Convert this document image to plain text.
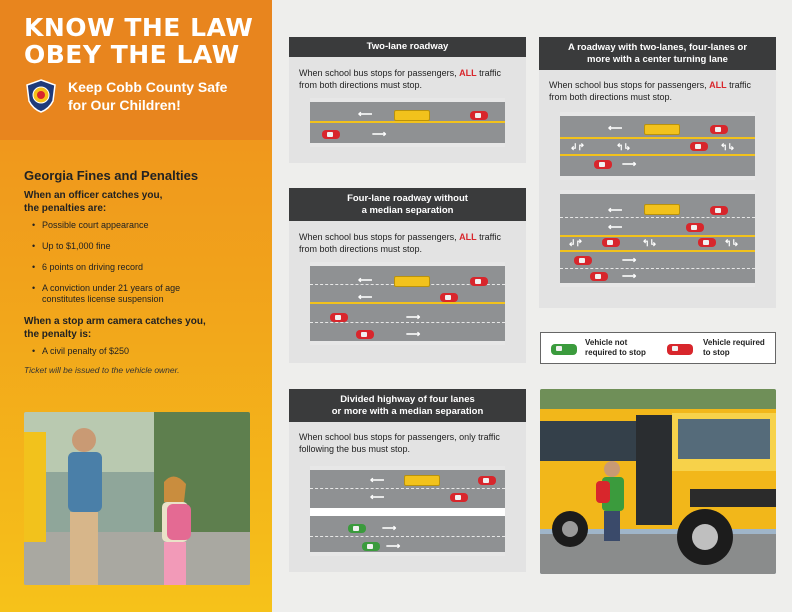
KNOW THE LAW
OBEY THE LAW
Keep Cobb County Safe
for Our Children!
Georgia Fines and Penalties
When an officer catches you,
the penalties are:
• Possible court appearance
• Up to $1,000 fine
• 6 points on driving record
• A conviction under 21 years of age
constitutes license suspension
When a stop arm camera catches you,
the penalty is:
• A civil penalty of $250
Ticket will be issued to the vehicle owner.
Two-lane roadway
When school bus stops for passengers, ALL traffic
from both directions must stop.
⟵
⟶
Four-lane roadway without
a median separation
When school bus stops for passengers, ALL traffic
from both directions must stop.
⟵
⟵
⟶
⟶
A roadway with two-lanes, four-lanes or
more with a center turning lane
When school bus stops for passengers, ALL traffic
from both directions must stop.
⟵
⟶
↲↱	↰↳	↰↳
⟵
⟵
⟶
⟶
↲↱	↰↳	↰↳
Vehicle not
required to stop
Vehicle required
to stop
Divided highway of four lanes
or more with a median separation
When school bus stops for passengers, only traffic
following the bus must stop.
⟵
⟵
⟶
⟶
